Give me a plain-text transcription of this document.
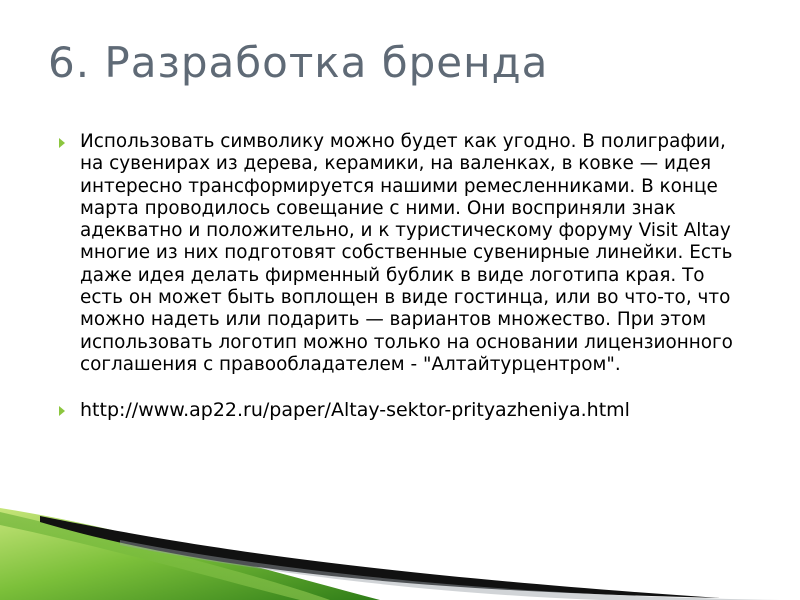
6. Разработка бренда
Использовать символику можно будет как угодно. В полиграфии, на сувенирах из дерева, керамики, на валенках, в ковке — идея интересно трансформируется нашими ремесленниками. В конце марта проводилось совещание с ними. Они восприняли знак адекватно и положительно, и к туристическому форуму Visit Altay многие из них подготовят собственные сувенирные линейки. Есть даже идея делать фирменный бублик в виде логотипа края. То есть он может быть воплощен в виде гостинца, или во что-то, что можно надеть или подарить — вариантов множество. При этом использовать логотип можно только на основании лицензионного соглашения с правообладателем - "Алтайтурцентром".
http://www.ap22.ru/paper/Altay-sektor-prityazheniya.html
